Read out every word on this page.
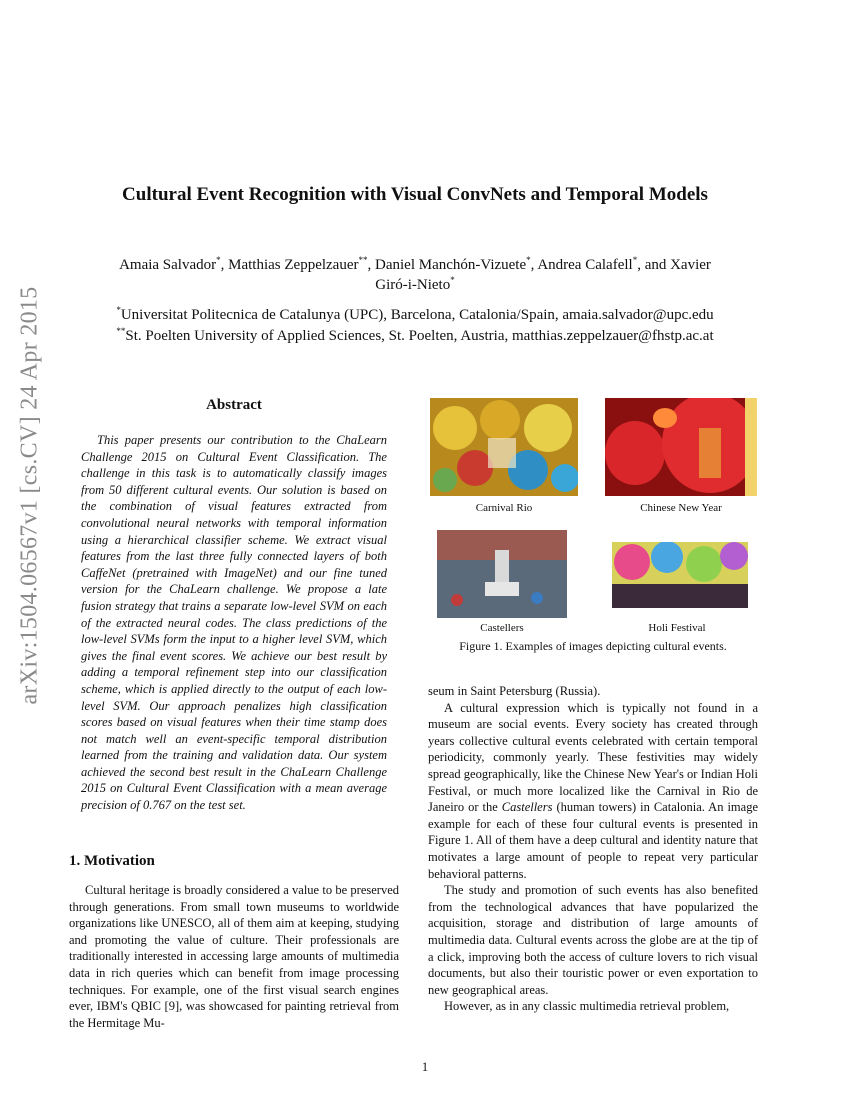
arXiv:1504.06567v1 [cs.CV] 24 Apr 2015
Cultural Event Recognition with Visual ConvNets and Temporal Models
Amaia Salvador*, Matthias Zeppelzauer**, Daniel Manchón-Vizuete*, Andrea Calafell*, and Xavier
Giró-i-Nieto*
*Universitat Politecnica de Catalunya (UPC), Barcelona, Catalonia/Spain, amaia.salvador@upc.edu
**St. Poelten University of Applied Sciences, St. Poelten, Austria, matthias.zeppelzauer@fhstp.ac.at
Abstract

This paper presents our contribution to the ChaLearn Challenge 2015 on Cultural Event Classification. The challenge in this task is to automatically classify images from 50 different cultural events. Our solution is based on the combination of visual features extracted from convolutional neural networks with temporal information using a hierarchical classifier scheme. We extract visual features from the last three fully connected layers of both CaffeNet (pretrained with ImageNet) and our fine tuned version for the ChaLearn challenge. We propose a late fusion strategy that trains a separate low-level SVM on each of the extracted neural codes. The class predictions of the low-level SVMs form the input to a higher level SVM, which gives the final event scores. We achieve our best result by adding a temporal refinement step into our classification scheme, which is applied directly to the output of each low-level SVM. Our approach penalizes high classification scores based on visual features when their time stamp does not match well an event-specific temporal distribution learned from the training and validation data. Our system achieved the second best result in the ChaLearn Challenge 2015 on Cultural Event Classification with a mean average precision of 0.767 on the test set.

1. Motivation

Cultural heritage is broadly considered a value to be preserved through generations. From small town museums to worldwide organizations like UNESCO, all of them aim at keeping, studying and promoting the value of culture. Their professionals are traditionally interested in accessing large amounts of multimedia data in rich queries which can benefit from image processing techniques. For example, one of the first visual search engines ever, IBM's QBIC [9], was showcased for painting retrieval from the Hermitage Mu-

Carnival Rio	Chinese New Year
Castellers	Holi Festival
Figure 1. Examples of images depicting cultural events.

seum in Saint Petersburg (Russia).

A cultural expression which is typically not found in a museum are social events. Every society has created through years collective cultural events celebrated with certain temporal periodicity, commonly yearly. These festivities may widely spread geographically, like the Chinese New Year's or Indian Holi Festival, or much more localized like the Carnival in Rio de Janeiro or the Castellers (human towers) in Catalonia. An image example for each of these four cultural events is presented in Figure 1. All of them have a deep cultural and identity nature that motivates a large amount of people to repeat very particular behavioral patterns.

The study and promotion of such events has also benefited from the technological advances that have popularized the acquisition, storage and distribution of large amounts of multimedia data. Cultural events across the globe are at the tip of a click, improving both the access of culture lovers to rich visual documents, but also their touristic power or even exportation to new geographical areas.

However, as in any classic multimedia retrieval problem,

1
